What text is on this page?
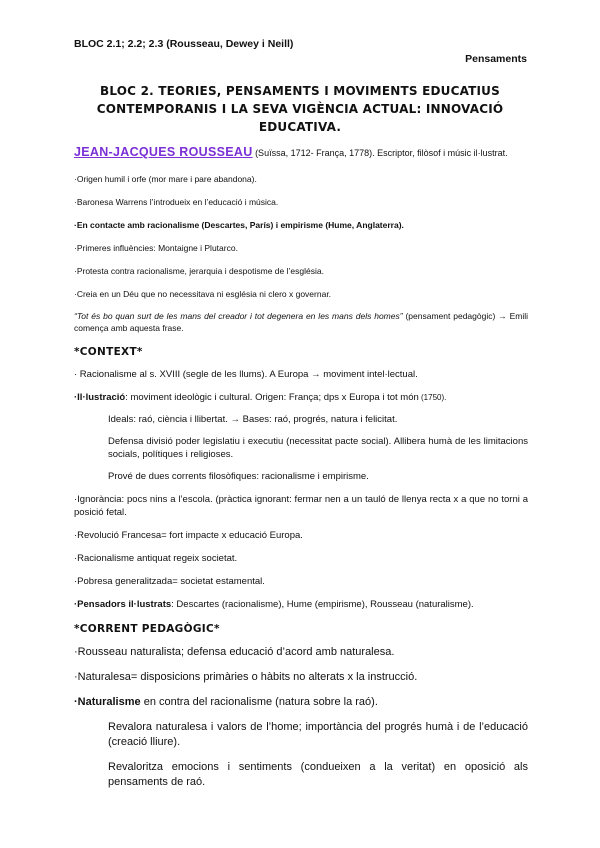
BLOC 2.1; 2.2; 2.3 (Rousseau, Dewey i Neill)
Pensaments
BLOC 2. TEORIES, PENSAMENTS I MOVIMENTS EDUCATIUS CONTEMPORANIS I LA SEVA VIGÈNCIA ACTUAL: INNOVACIÓ EDUCATIVA.
JEAN-JACQUES ROUSSEAU (Suïssa, 1712- França, 1778). Escriptor, filòsof i músic il·lustrat.
·Origen humil i orfe (mor mare i pare abandona).
·Baronesa Warrens l’introdueix en l’educació i música.
·En contacte amb racionalisme (Descartes, París) i empirisme (Hume, Anglaterra).
·Primeres influències: Montaigne i Plutarco.
·Protesta contra racionalisme, jerarquia i despotisme de l’església.
·Creia en un Déu que no necessitava ni església ni clero x governar.
“Tot és bo quan surt de les mans del creador i tot degenera en les mans dels homes” (pensament pedagògic) → Emili comença amb aquesta frase.
*CONTEXT*
· Racionalisme al s. XVIII (segle de les llums). A Europa → moviment intel·lectual.
·Il·lustració: moviment ideològic i cultural. Origen: França; dps x Europa i tot món (1750).
Ideals: raó, ciència i llibertat. → Bases: raó, progrés, natura i felicitat.
Defensa divisió poder legislatiu i executiu (necessitat pacte social). Allibera humà de les limitacions socials, polítiques i religioses.
Prové de dues corrents filosòfiques: racionalisme i empirisme.
·Ignorància: pocs nins a l’escola. (pràctica ignorant: fermar nen a un tauló de llenya recta x a que no torni a posició fetal.
·Revolució Francesa= fort impacte x educació Europa.
·Racionalisme antiquat regeix societat.
·Pobresa generalitzada= societat estamental.
·Pensadors il·lustrats: Descartes (racionalisme), Hume (empirisme), Rousseau (naturalisme).
*CORRENT PEDAGÒGIC*
·Rousseau naturalista; defensa educació d’acord amb naturalesa.
·Naturalesa= disposicions primàries o hàbits no alterats x la instrucció.
·Naturalisme en contra del racionalisme (natura sobre la raó).
Revalora naturalesa i valors de l’home; importància del progrés humà i de l’educació (creació lliure).
Revaloritza emocions i sentiments (condueixen a la veritat) en oposició als pensaments de raó.
